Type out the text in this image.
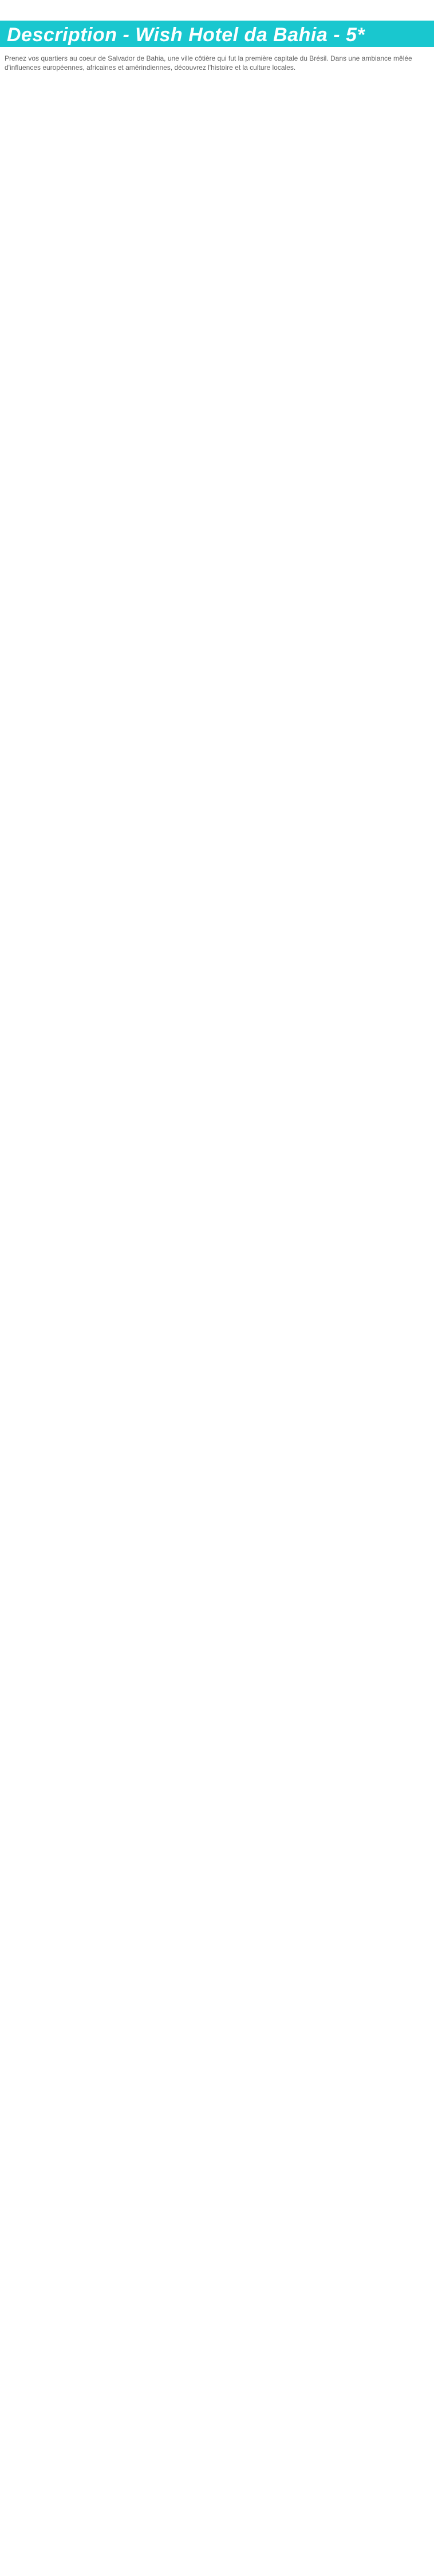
Description - Wish Hotel da Bahia - 5*
Prenez vos quartiers au coeur de Salvador de Bahia, une ville côtière qui fut la première capitale du Brésil. Dans une ambiance mêlée d'influences européennes, africaines et amérindiennes, découvrez l'histoire et la culture locales.
